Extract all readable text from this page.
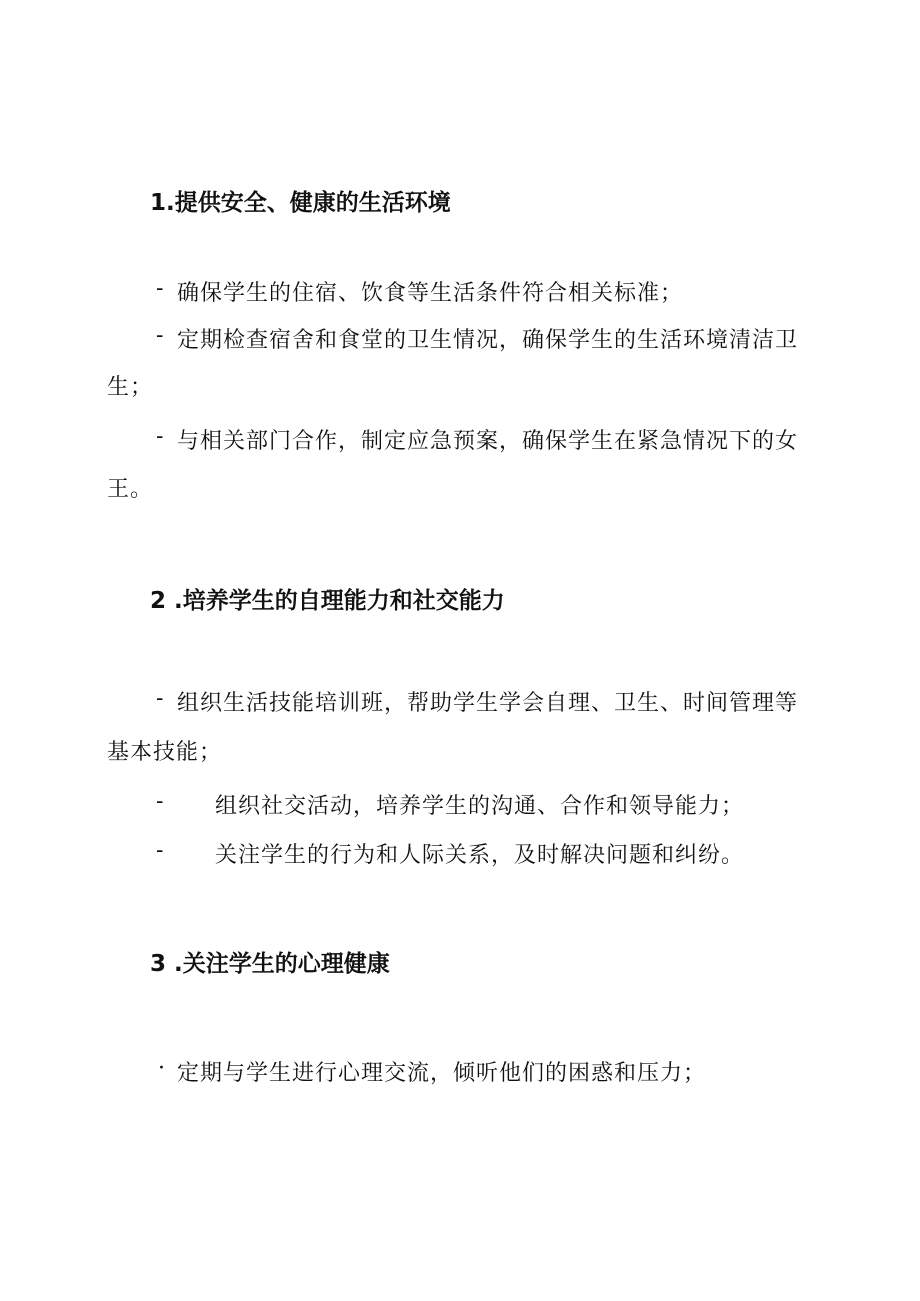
1.提供安全、健康的生活环境
- 确保学生的住宿、饮食等生活条件符合相关标准；
- 定期检查宿舍和食堂的卫生情况，确保学生的生活环境清洁卫
生；
- 与相关部门合作，制定应急预案，确保学生在紧急情况下的女
王。
2 .培养学生的自理能力和社交能力
- 组织生活技能培训班，帮助学生学会自理、卫生、时间管理等
基本技能；
- 组织社交活动，培养学生的沟通、合作和领导能力；
- 关注学生的行为和人际关系，及时解决问题和纠纷。
3 .关注学生的心理健康
· 定期与学生进行心理交流，倾听他们的困惑和压力；
